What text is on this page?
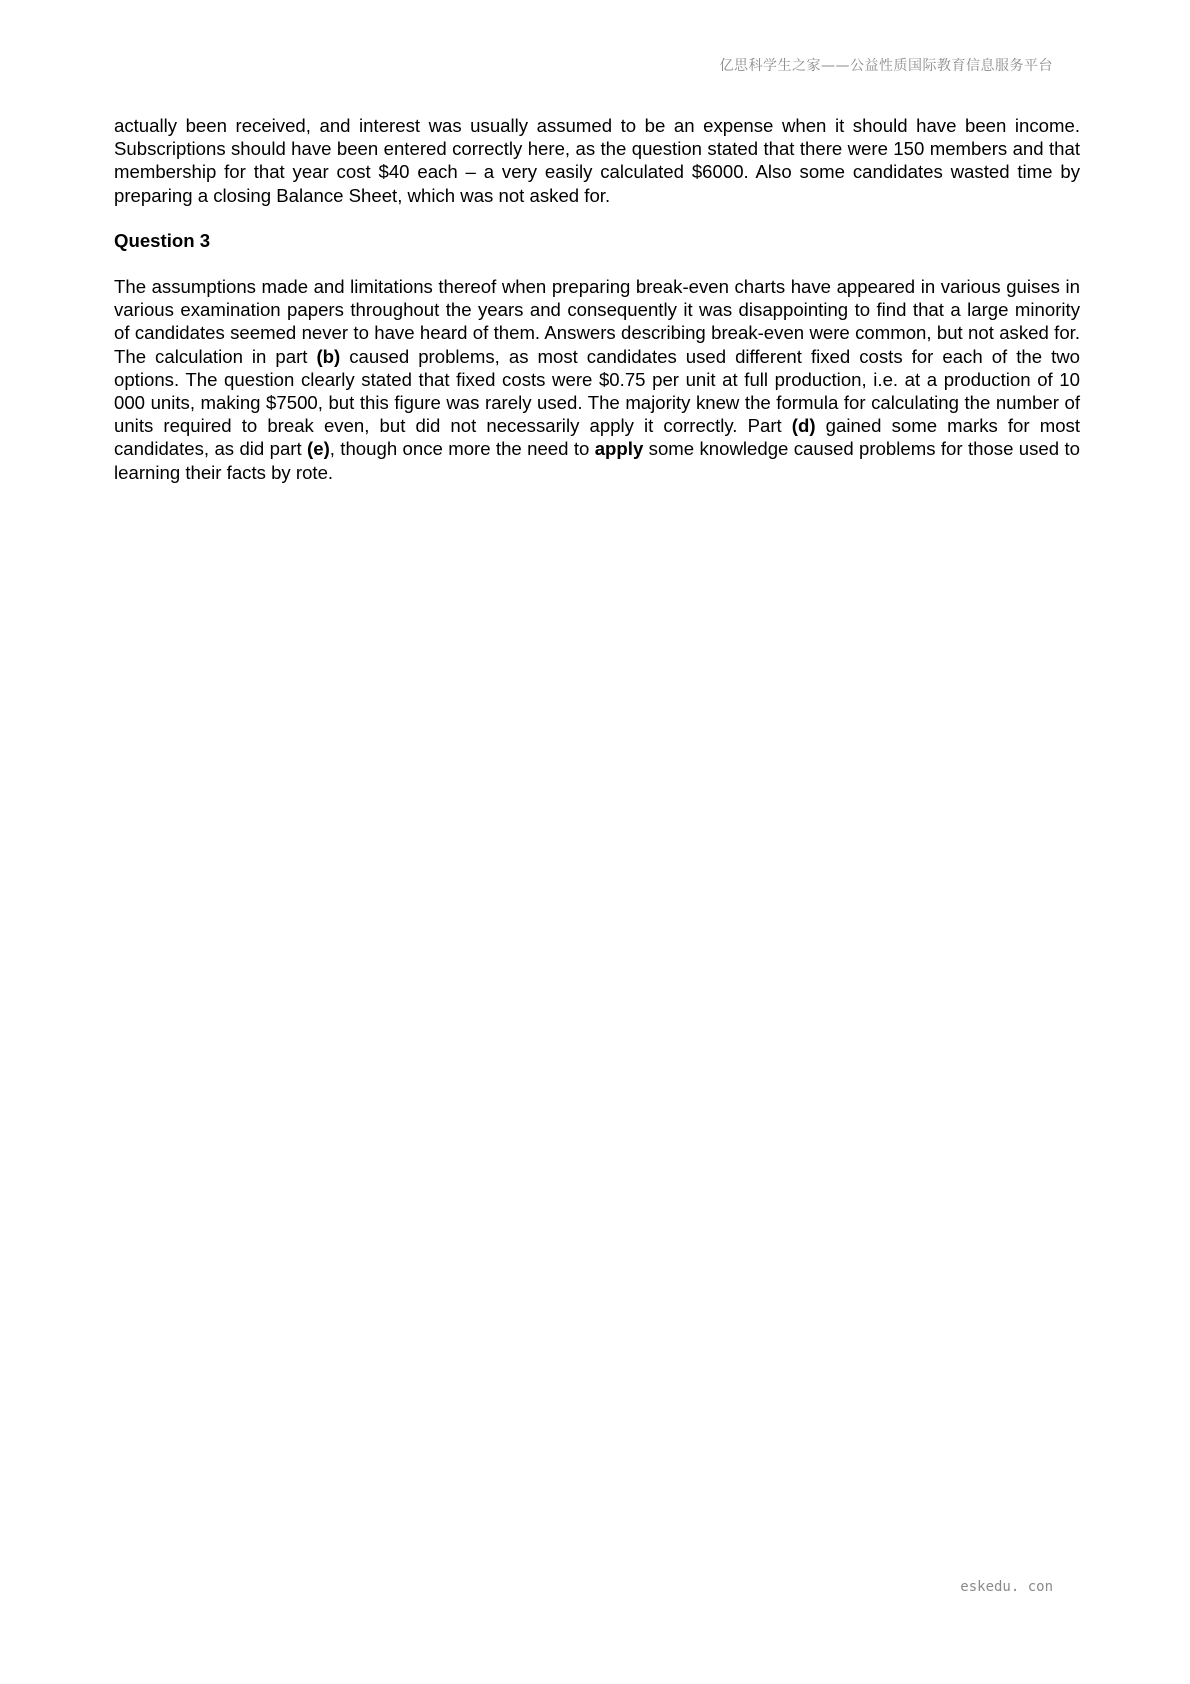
亿思科学生之家——公益性质国际教育信息服务平台

actually been received, and interest was usually assumed to be an expense when it should have been income. Subscriptions should have been entered correctly here, as the question stated that there were 150 members and that membership for that year cost $40 each – a very easily calculated $6000. Also some candidates wasted time by preparing a closing Balance Sheet, which was not asked for.

Question 3

The assumptions made and limitations thereof when preparing break-even charts have appeared in various guises in various examination papers throughout the years and consequently it was disappointing to find that a large minority of candidates seemed never to have heard of them. Answers describing break-even were common, but not asked for. The calculation in part (b) caused problems, as most candidates used different fixed costs for each of the two options. The question clearly stated that fixed costs were $0.75 per unit at full production, i.e. at a production of 10 000 units, making $7500, but this figure was rarely used. The majority knew the formula for calculating the number of units required to break even, but did not necessarily apply it correctly. Part (d) gained some marks for most candidates, as did part (e), though once more the need to apply some knowledge caused problems for those used to learning their facts by rote.

eskedu. con
